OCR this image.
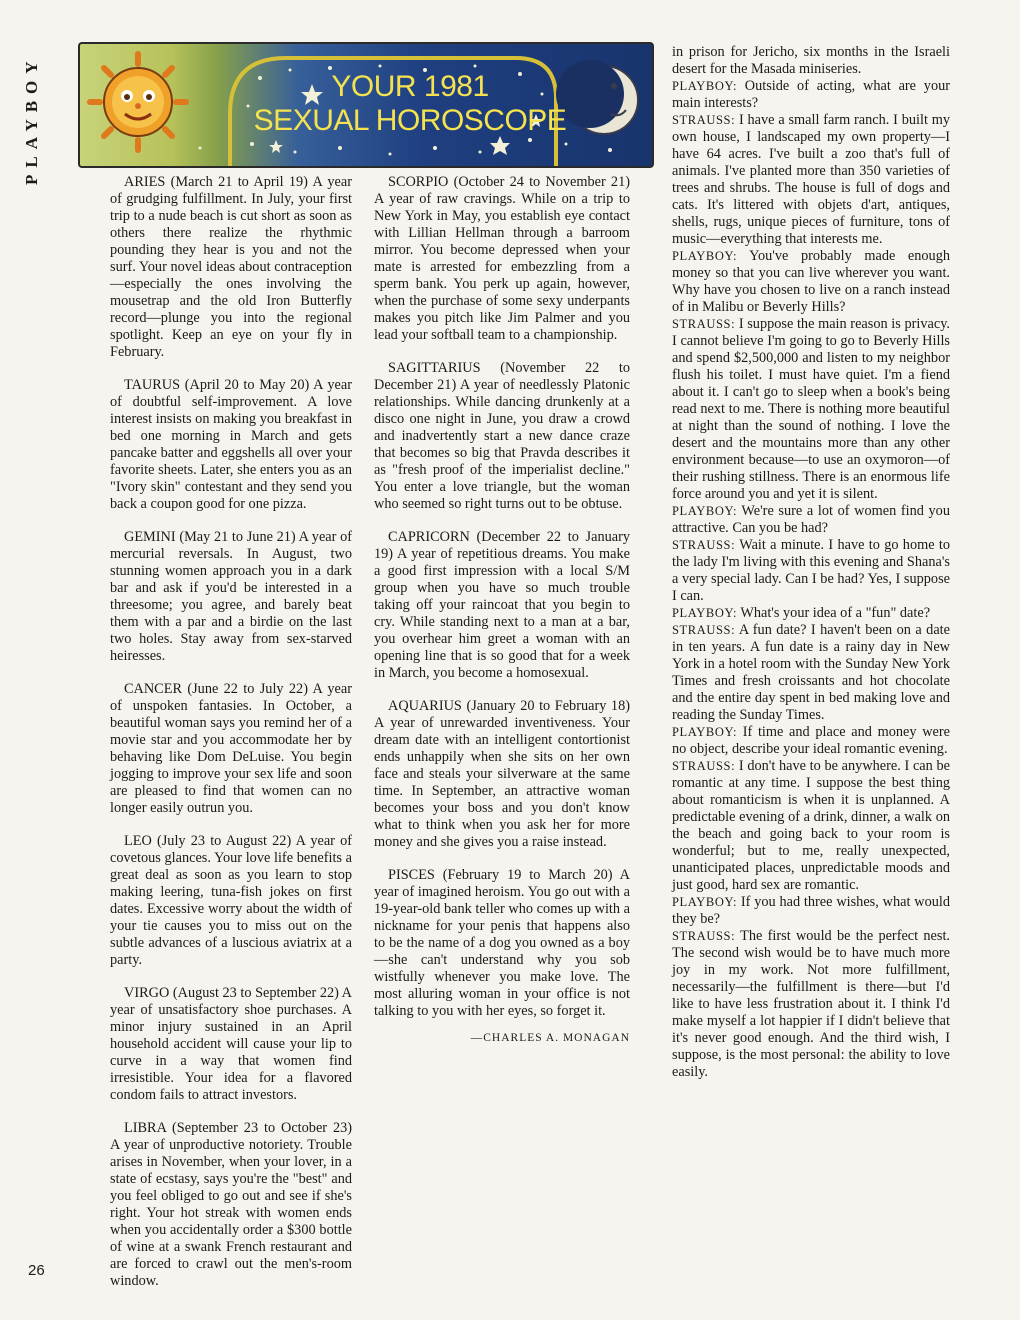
PLAYBOY	YOUR 1981
SEXUAL HOROSCOPE

ARIES (March 21 to April 19) A year of grudging fulfillment. In July, your first trip to a nude beach is cut short as soon as others there realize the rhythmic pounding they hear is you and not the surf. Your novel ideas about contraception—especially the ones involving the mousetrap and the old Iron Butterfly record—plunge you into the regional spotlight. Keep an eye on your fly in February.

TAURUS (April 20 to May 20) A year of doubtful self-improvement. A love interest insists on making you breakfast in bed one morning in March and gets pancake batter and eggshells all over your favorite sheets. Later, she enters you as an "Ivory skin" contestant and they send you back a coupon good for one pizza.

GEMINI (May 21 to June 21) A year of mercurial reversals. In August, two stunning women approach you in a dark bar and ask if you'd be interested in a threesome; you agree, and barely beat them with a par and a birdie on the last two holes. Stay away from sex-starved heiresses.

CANCER (June 22 to July 22) A year of unspoken fantasies. In October, a beautiful woman says you remind her of a movie star and you accommodate her by behaving like Dom DeLuise. You begin jogging to improve your sex life and soon are pleased to find that women can no longer easily outrun you.

LEO (July 23 to August 22) A year of covetous glances. Your love life benefits a great deal as soon as you learn to stop making leering, tuna-fish jokes on first dates. Excessive worry about the width of your tie causes you to miss out on the subtle advances of a luscious aviatrix at a party.

VIRGO (August 23 to September 22) A year of unsatisfactory shoe purchases. A minor injury sustained in an April household accident will cause your lip to curve in a way that women find irresistible. Your idea for a flavored condom fails to attract investors.

LIBRA (September 23 to October 23) A year of unproductive notoriety. Trouble arises in November, when your lover, in a state of ecstasy, says you're the "best" and you feel obliged to go out and see if she's right. Your hot streak with women ends when you accidentally order a $300 bottle of wine at a swank French restaurant and are forced to crawl out the men's-room window.

SCORPIO (October 24 to November 21) A year of raw cravings. While on a trip to New York in May, you establish eye contact with Lillian Hellman through a barroom mirror. You become depressed when your mate is arrested for embezzling from a sperm bank. You perk up again, however, when the purchase of some sexy underpants makes you pitch like Jim Palmer and you lead your softball team to a championship.

SAGITTARIUS (November 22 to December 21) A year of needlessly Platonic relationships. While dancing drunkenly at a disco one night in June, you draw a crowd and inadvertently start a new dance craze that becomes so big that Pravda describes it as "fresh proof of the imperialist decline." You enter a love triangle, but the woman who seemed so right turns out to be obtuse.

CAPRICORN (December 22 to January 19) A year of repetitious dreams. You make a good first impression with a local S/M group when you have so much trouble taking off your raincoat that you begin to cry. While standing next to a man at a bar, you overhear him greet a woman with an opening line that is so good that for a week in March, you become a homosexual.

AQUARIUS (January 20 to February 18) A year of unrewarded inventiveness. Your dream date with an intelligent contortionist ends unhappily when she sits on her own face and steals your silverware at the same time. In September, an attractive woman becomes your boss and you don't know what to think when you ask her for more money and she gives you a raise instead.

PISCES (February 19 to March 20) A year of imagined heroism. You go out with a 19-year-old bank teller who comes up with a nickname for your penis that happens also to be the name of a dog you owned as a boy—she can't understand why you sob wistfully whenever you make love. The most alluring woman in your office is not talking to you with her eyes, so forget it.

—CHARLES A. MONAGAN

in prison for Jericho, six months in the Israeli desert for the Masada miniseries.

PLAYBOY: Outside of acting, what are your main interests?

STRAUSS: I have a small farm ranch. I built my own house, I landscaped my own property—I have 64 acres. I've built a zoo that's full of animals. I've planted more than 350 varieties of trees and shrubs. The house is full of dogs and cats. It's littered with objets d'art, antiques, shells, rugs, unique pieces of furniture, tons of music—everything that interests me.

PLAYBOY: You've probably made enough money so that you can live wherever you want. Why have you chosen to live on a ranch instead of in Malibu or Beverly Hills?

STRAUSS: I suppose the main reason is privacy. I cannot believe I'm going to go to Beverly Hills and spend $2,500,000 and listen to my neighbor flush his toilet. I must have quiet. I'm a fiend about it. I can't go to sleep when a book's being read next to me. There is nothing more beautiful at night than the sound of nothing. I love the desert and the mountains more than any other environment because—to use an oxymoron—of their rushing stillness. There is an enormous life force around you and yet it is silent.

PLAYBOY: We're sure a lot of women find you attractive. Can you be had?

STRAUSS: Wait a minute. I have to go home to the lady I'm living with this evening and Shana's a very special lady. Can I be had? Yes, I suppose I can.

PLAYBOY: What's your idea of a "fun" date?

STRAUSS: A fun date? I haven't been on a date in ten years. A fun date is a rainy day in New York in a hotel room with the Sunday New York Times and fresh croissants and hot chocolate and the entire day spent in bed making love and reading the Sunday Times.

PLAYBOY: If time and place and money were no object, describe your ideal romantic evening.

STRAUSS: I don't have to be anywhere. I can be romantic at any time. I suppose the best thing about romanticism is when it is unplanned. A predictable evening of a drink, dinner, a walk on the beach and going back to your room is wonderful; but to me, really unexpected, unanticipated places, unpredictable moods and just good, hard sex are romantic.

PLAYBOY: If you had three wishes, what would they be?

STRAUSS: The first would be the perfect nest. The second wish would be to have much more joy in my work. Not more fulfillment, necessarily—the fulfillment is there—but I'd like to have less frustration about it. I think I'd make myself a lot happier if I didn't believe that it's never good enough. And the third wish, I suppose, is the most personal: the ability to love easily.

26
